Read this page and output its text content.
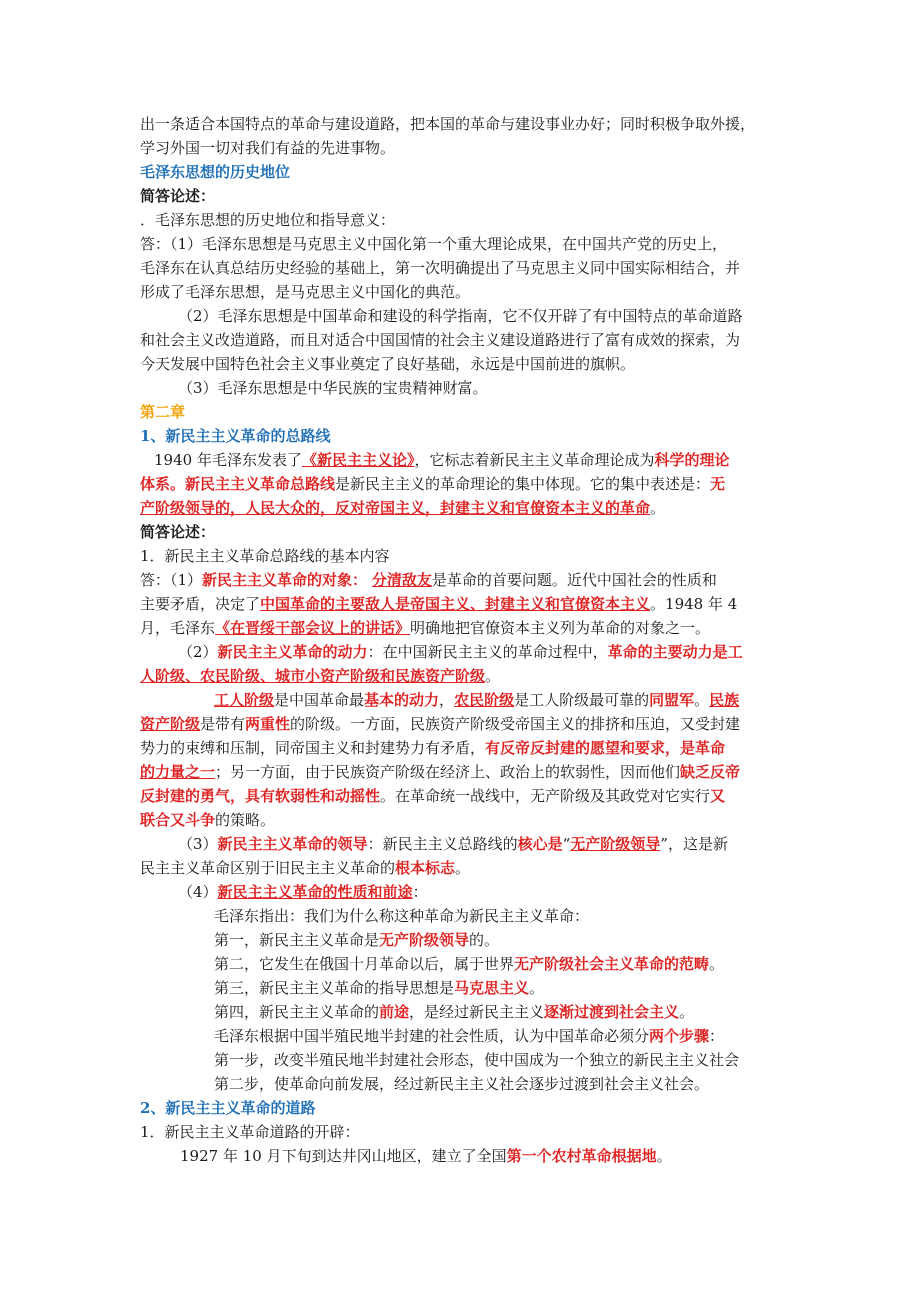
出一条适合本国特点的革命与建设道路，把本国的革命与建设事业办好；同时积极争取外援，
学习外国一切对我们有益的先进事物。
毛泽东思想的历史地位
简答论述：
．毛泽东思想的历史地位和指导意义：
答：（1）毛泽东思想是马克思主义中国化第一个重大理论成果，在中国共产党的历史上，
毛泽东在认真总结历史经验的基础上，第一次明确提出了马克思主义同中国实际相结合，并
形成了毛泽东思想，是马克思主义中国化的典范。
（2）毛泽东思想是中国革命和建设的科学指南，它不仅开辟了有中国特点的革命道路
和社会主义改造道路，而且对适合中国国情的社会主义建设道路进行了富有成效的探索，为
今天发展中国特色社会主义事业奠定了良好基础，永远是中国前进的旗帜。
（3）毛泽东思想是中华民族的宝贵精神财富。
第二章
1、新民主主义革命的总路线
1940 年毛泽东发表了《新民主主义论》，它标志着新民主主义革命理论成为科学的理论
体系。新民主主义革命总路线是新民主主义的革命理论的集中体现。它的集中表述是：无
产阶级领导的，人民大众的，反对帝国主义，封建主义和官僚资本主义的革命。
简答论述：
1．新民主主义革命总路线的基本内容
答：（1）新民主主义革命的对象： 分清敌友是革命的首要问题。近代中国社会的性质和
主要矛盾，决定了中国革命的主要敌人是帝国主义、封建主义和官僚资本主义。1948 年 4
月，毛泽东《在晋绥干部会议上的讲话》明确地把官僚资本主义列为革命的对象之一。
（2）新民主主义革命的动力：在中国新民主主义的革命过程中，革命的主要动力是工
人阶级、农民阶级、城市小资产阶级和民族资产阶级。
工人阶级是中国革命最基本的动力，农民阶级是工人阶级最可靠的同盟军。民族
资产阶级是带有两重性的阶级。一方面，民族资产阶级受帝国主义的排挤和压迫，又受封建
势力的束缚和压制，同帝国主义和封建势力有矛盾，有反帝反封建的愿望和要求，是革命
的力量之一；另一方面，由于民族资产阶级在经济上、政治上的软弱性，因而他们缺乏反帝
反封建的勇气，具有软弱性和动摇性。在革命统一战线中，无产阶级及其政党对它实行又
联合又斗争的策略。
（3）新民主主义革命的领导：新民主主义总路线的核心是“无产阶级领导”，这是新
民主主义革命区别于旧民主主义革命的根本标志。
（4）新民主主义革命的性质和前途：
毛泽东指出：我们为什么称这种革命为新民主主义革命：
第一，新民主主义革命是无产阶级领导的。
第二，它发生在俄国十月革命以后，属于世界无产阶级社会主义革命的范畴。
第三，新民主主义革命的指导思想是马克思主义。
第四，新民主主义革命的前途，是经过新民主主义逐渐过渡到社会主义。
毛泽东根据中国半殖民地半封建的社会性质，认为中国革命必须分两个步骤：
第一步，改变半殖民地半封建社会形态，使中国成为一个独立的新民主主义社会
第二步，使革命向前发展，经过新民主主义社会逐步过渡到社会主义社会。
2、新民主主义革命的道路
1．新民主主义革命道路的开辟：
1927 年 10 月下旬到达井冈山地区，建立了全国第一个农村革命根据地。
